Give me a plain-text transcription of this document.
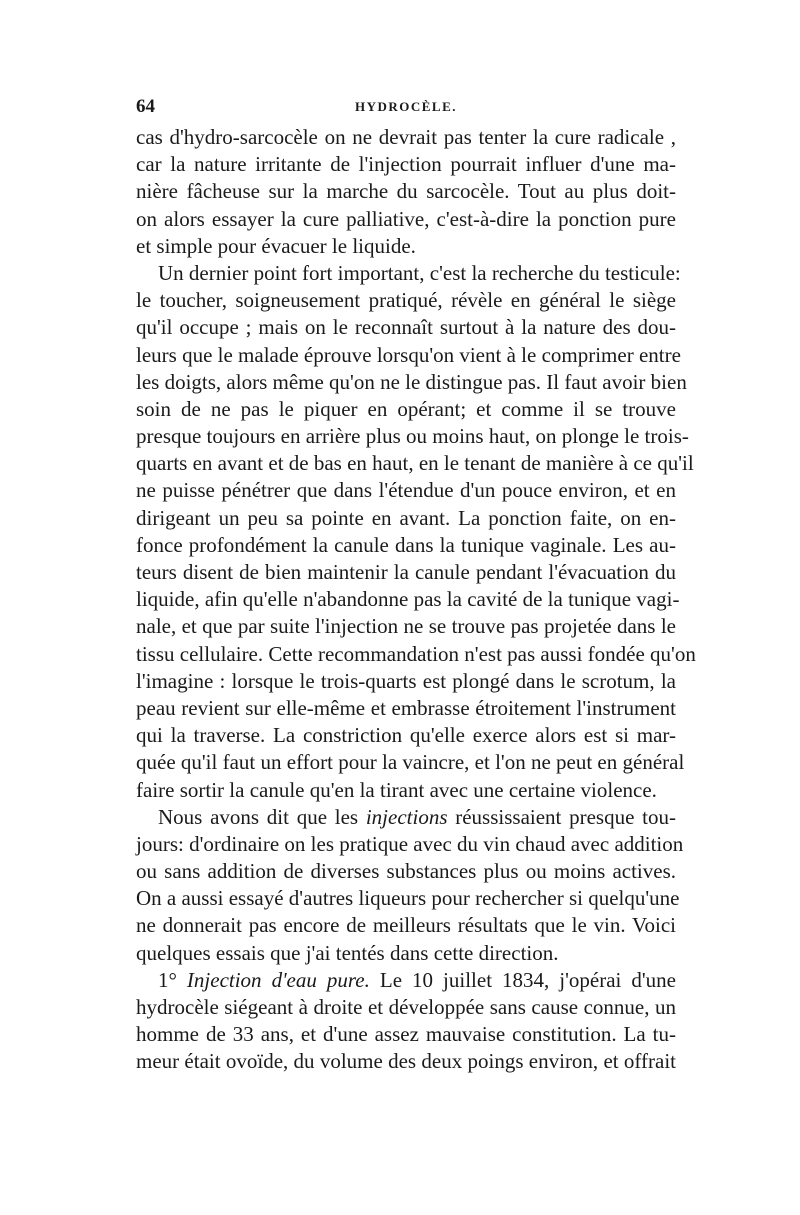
64	HYDROCÈLE.
cas d'hydro-sarcocèle on ne devrait pas tenter la cure radicale ,
car la nature irritante de l'injection pourrait influer d'une ma-
nière fâcheuse sur la marche du sarcocèle. Tout au plus doit-
on alors essayer la cure palliative, c'est-à-dire la ponction pure
et simple pour évacuer le liquide.
Un dernier point fort important, c'est la recherche du testicule:
le toucher, soigneusement pratiqué, révèle en général le siège
qu'il occupe ; mais on le reconnaît surtout à la nature des dou-
leurs que le malade éprouve lorsqu'on vient à le comprimer entre
les doigts, alors même qu'on ne le distingue pas. Il faut avoir bien
soin de ne pas le piquer en opérant; et comme il se trouve
presque toujours en arrière plus ou moins haut, on plonge le trois-
quarts en avant et de bas en haut, en le tenant de manière à ce qu'il
ne puisse pénétrer que dans l'étendue d'un pouce environ, et en
dirigeant un peu sa pointe en avant. La ponction faite, on en-
fonce profondément la canule dans la tunique vaginale. Les au-
teurs disent de bien maintenir la canule pendant l'évacuation du
liquide, afin qu'elle n'abandonne pas la cavité de la tunique vagi-
nale, et que par suite l'injection ne se trouve pas projetée dans le
tissu cellulaire. Cette recommandation n'est pas aussi fondée qu'on
l'imagine : lorsque le trois-quarts est plongé dans le scrotum, la
peau revient sur elle-même et embrasse étroitement l'instrument
qui la traverse. La constriction qu'elle exerce alors est si mar-
quée qu'il faut un effort pour la vaincre, et l'on ne peut en général
faire sortir la canule qu'en la tirant avec une certaine violence.
Nous avons dit que les injections réussissaient presque tou-
jours: d'ordinaire on les pratique avec du vin chaud avec addition
ou sans addition de diverses substances plus ou moins actives.
On a aussi essayé d'autres liqueurs pour rechercher si quelqu'une
ne donnerait pas encore de meilleurs résultats que le vin. Voici
quelques essais que j'ai tentés dans cette direction.
1° Injection d'eau pure. Le 10 juillet 1834, j'opérai d'une
hydrocèle siégeant à droite et développée sans cause connue, un
homme de 33 ans, et d'une assez mauvaise constitution. La tu-
meur était ovoïde, du volume des deux poings environ, et offrait
